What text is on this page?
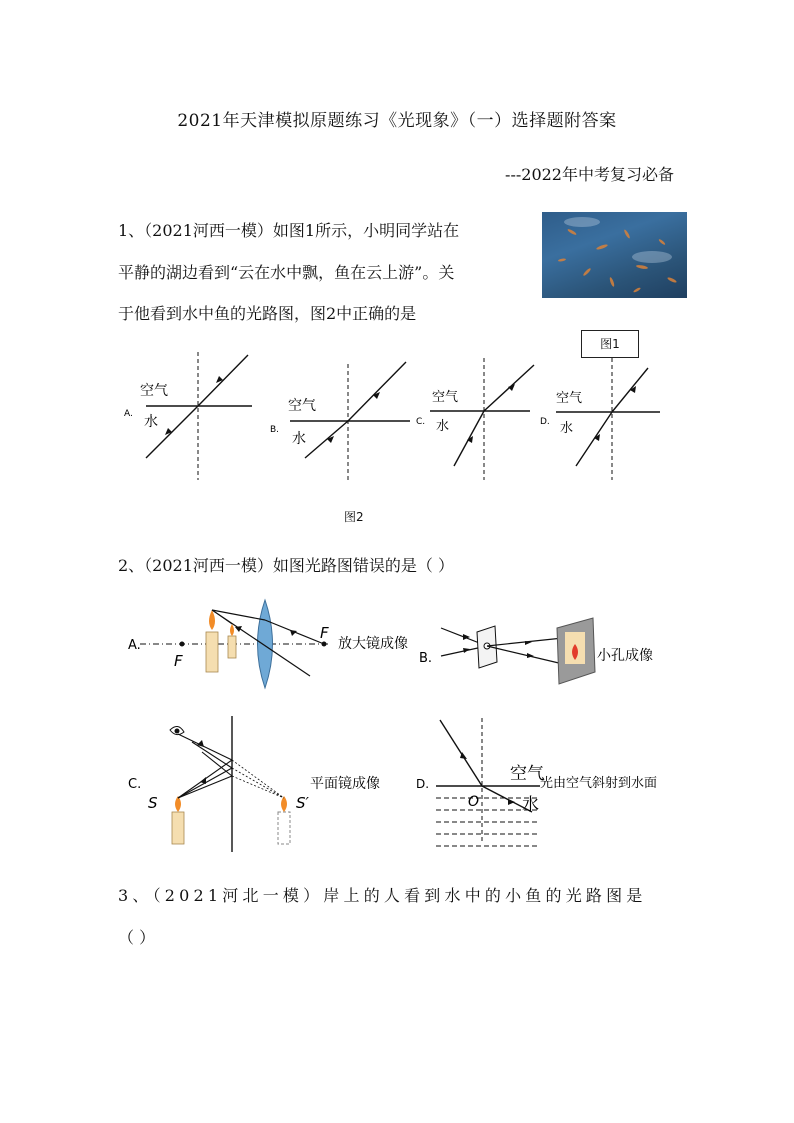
2021年天津模拟原题练习《光现象》（一）选择题附答案
---2022年中考复习必备
1、（2021河西一模）如图1所示，小明同学站在
平静的湖边看到“云在水中飘，鱼在云上游”。关
于他看到水中鱼的光路图，图2中正确的是
图1
空气
水
A.	空气
水
B.
空气
水
C.
空气
水
D.
图2
2、（2021河西一模）如图光路图错误的是（ ）
A.
F
F
放大镜成像
B.	小孔成像
C.
S	S′
平面镜成像	D.
O
空气
水
光由空气斜射到水面
3、（2021河北一模）岸上的人看到水中的小鱼的光路图是
（ ）
